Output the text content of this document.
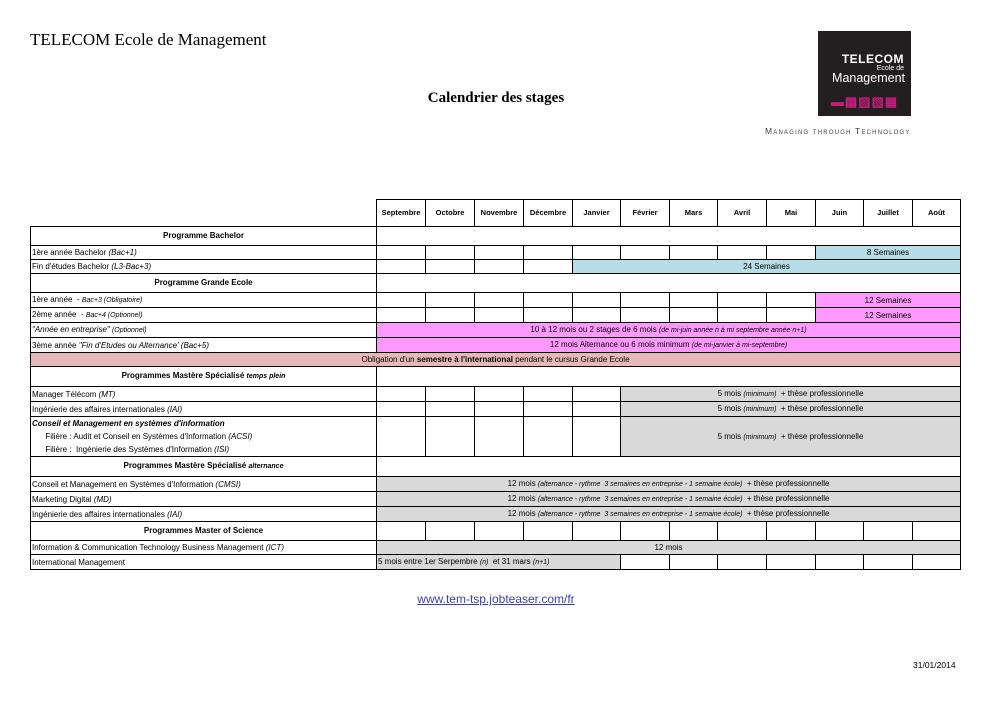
TELECOM Ecole de Management
Calendrier des stages
TELECOM
Ecole de
Management
▬▩▨▧▦
Managing through Technology
	Septembre	Octobre	Novembre	Décembre	Janvier	Février	Mars	Avril	Mai	Juin	Juillet	Août
Programme Bachelor												
1ère année Bachelor (Bac+1)										8 Semaines		
Fin d'études Bachelor (L3-Bac+3)					24 Semaines							
Programme Grande Ecole												
1ère année  - Bac+3 (Obligatoire)										12 Semaines		
2ème année  - Bac+4 (Optionnel)										12 Semaines		
"Année en entreprise" (Optionnel)	10 à 12 mois ou 2 stages de 6 mois (de mi-juin année n à mi septembre année n+1)											
3ème année "Fin d'Etudes ou Alternance' (Bac+5)	12 mois Alternance ou 6 mois minimum (de mi-janvier à mi-septembre)											
Obligation d'un semestre à l'international pendant le cursus Grande Ecole												
Programmes Mastère Spécialisé temps plein												
Manager Télécom (MT)						5 mois (minimum)  + thèse professionnelle						
Ingénierie des affaires internationales (IAI)						5 mois (minimum)  + thèse professionnelle						

Conseil et Management en systèmes d'information
Filière : Audit et Conseil en Systèmes d'Information (ACSI)
Filière :  Ingénierie des Systèmes d'Information (ISI)						5 mois (minimum)  + thèse professionnelle						
Programmes Mastère Spécialisé alternance												
Conseil et Management en Systèmes d'Information (CMSI)	12 mois (alternance - rythme  3 semaines en entreprise - 1 semaine école)  + thèse professionnelle											
Marketing Digital (MD)	12 mois (alternance - rythme  3 semaines en entreprise - 1 semaine école)  + thèse professionnelle											
Ingénierie des affaires internationales (IAI)	12 mois (alternance - rythme  3 semaines en entreprise - 1 semaine école)  + thèse professionnelle											
Programmes Master of Science												
Information & Communication Technology Business Management (ICT)	12 mois											
International Management	5 mois entre 1er Serpembre (n)  et 31 mars (n+1)											
www.tem-tsp.jobteaser.com/fr
31/01/2014
